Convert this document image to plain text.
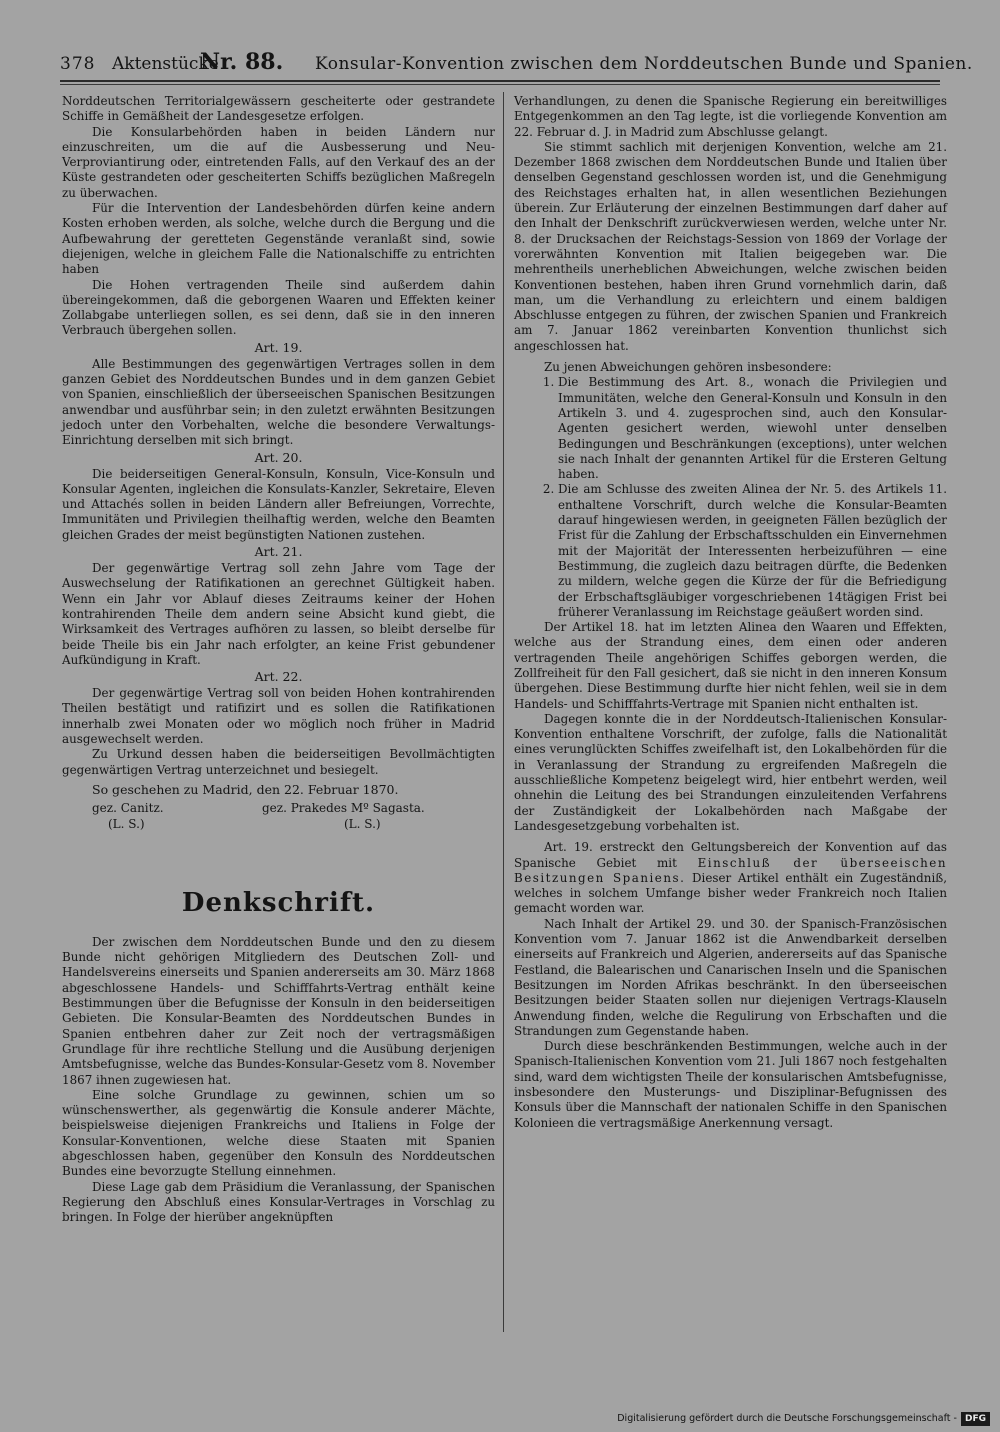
378 Aktenstücke
Nr. 88. Konsular-Konvention zwischen dem Norddeutschen Bunde und Spanien.

Norddeutschen Territorialgewässern gescheiterte oder gestrandete Schiffe in Gemäßheit der Landesgesetze erfolgen.

Die Konsularbehörden haben in beiden Ländern nur einzuschreiten, um die auf die Ausbesserung und Neu-Verproviantirung oder, eintretenden Falls, auf den Verkauf des an der Küste gestrandeten oder gescheiterten Schiffs bezüglichen Maßregeln zu überwachen.

Für die Intervention der Landesbehörden dürfen keine andern Kosten erhoben werden, als solche, welche durch die Bergung und die Aufbewahrung der geretteten Gegenstände veranlaßt sind, sowie diejenigen, welche in gleichem Falle die Nationalschiffe zu entrichten haben

Die Hohen vertragenden Theile sind außerdem dahin übereingekommen, daß die geborgenen Waaren und Effekten keiner Zollabgabe unterliegen sollen, es sei denn, daß sie in den inneren Verbrauch übergehen sollen.

Art. 19.

Alle Bestimmungen des gegenwärtigen Vertrages sollen in dem ganzen Gebiet des Norddeutschen Bundes und in dem ganzen Gebiet von Spanien, einschließlich der überseeischen Spanischen Besitzungen anwendbar und ausführbar sein; in den zuletzt erwähnten Besitzungen jedoch unter den Vorbehalten, welche die besondere Verwaltungs-Einrichtung derselben mit sich bringt.

Art. 20.

Die beiderseitigen General-Konsuln, Konsuln, Vice-Konsuln und Konsular Agenten, ingleichen die Konsulats-Kanzler, Sekretaire, Eleven und Attachés sollen in beiden Ländern aller Befreiungen, Vorrechte, Immunitäten und Privilegien theilhaftig werden, welche den Beamten gleichen Grades der meist begünstigten Nationen zustehen.

Art. 21.

Der gegenwärtige Vertrag soll zehn Jahre vom Tage der Auswechselung der Ratifikationen an gerechnet Gültigkeit haben. Wenn ein Jahr vor Ablauf dieses Zeitraums keiner der Hohen kontrahirenden Theile dem andern seine Absicht kund giebt, die Wirksamkeit des Vertrages aufhören zu lassen, so bleibt derselbe für beide Theile bis ein Jahr nach erfolgter, an keine Frist gebundener Aufkündigung in Kraft.

Art. 22.

Der gegenwärtige Vertrag soll von beiden Hohen kontrahirenden Theilen bestätigt und ratifizirt und es sollen die Ratifikationen innerhalb zwei Monaten oder wo möglich noch früher in Madrid ausgewechselt werden.

Zu Urkund dessen haben die beiderseitigen Bevollmächtigten gegenwärtigen Vertrag unterzeichnet und besiegelt.

So geschehen zu Madrid, den 22. Februar 1870.
gez. Canitz.	gez. Prakedes Mº Sagasta.
(L. S.)	(L. S.)
Denkschrift.

Der zwischen dem Norddeutschen Bunde und den zu diesem Bunde nicht gehörigen Mitgliedern des Deutschen Zoll- und Handelsvereins einerseits und Spanien andererseits am 30. März 1868 abgeschlossene Handels- und Schifffahrts-Vertrag enthält keine Bestimmungen über die Befugnisse der Konsuln in den beiderseitigen Gebieten. Die Konsular-Beamten des Norddeutschen Bundes in Spanien entbehren daher zur Zeit noch der vertragsmäßigen Grundlage für ihre rechtliche Stellung und die Ausübung derjenigen Amtsbefugnisse, welche das Bundes-Konsular-Gesetz vom 8. November 1867 ihnen zugewiesen hat.

Eine solche Grundlage zu gewinnen, schien um so wünschenswerther, als gegenwärtig die Konsule anderer Mächte, beispielsweise diejenigen Frankreichs und Italiens in Folge der Konsular-Konventionen, welche diese Staaten mit Spanien abgeschlossen haben, gegenüber den Konsuln des Norddeutschen Bundes eine bevorzugte Stellung einnehmen.

Diese Lage gab dem Präsidium die Veranlassung, der Spanischen Regierung den Abschluß eines Konsular-Vertrages in Vorschlag zu bringen. In Folge der hierüber angeknüpften

Verhandlungen, zu denen die Spanische Regierung ein bereitwilliges Entgegenkommen an den Tag legte, ist die vorliegende Konvention am 22. Februar d. J. in Madrid zum Abschlusse gelangt.

Sie stimmt sachlich mit derjenigen Konvention, welche am 21. Dezember 1868 zwischen dem Norddeutschen Bunde und Italien über denselben Gegenstand geschlossen worden ist, und die Genehmigung des Reichstages erhalten hat, in allen wesentlichen Beziehungen überein. Zur Erläuterung der einzelnen Bestimmungen darf daher auf den Inhalt der Denkschrift zurückverwiesen werden, welche unter Nr. 8. der Drucksachen der Reichstags-Session von 1869 der Vorlage der vorerwähnten Konvention mit Italien beigegeben war. Die mehrentheils unerheblichen Abweichungen, welche zwischen beiden Konventionen bestehen, haben ihren Grund vornehmlich darin, daß man, um die Verhandlung zu erleichtern und einem baldigen Abschlusse entgegen zu führen, der zwischen Spanien und Frankreich am 7. Januar 1862 vereinbarten Konvention thunlichst sich angeschlossen hat.

Zu jenen Abweichungen gehören insbesondere:

1. Die Bestimmung des Art. 8., wonach die Privilegien und Immunitäten, welche den General-Konsuln und Konsuln in den Artikeln 3. und 4. zugesprochen sind, auch den Konsular-Agenten gesichert werden, wiewohl unter denselben Bedingungen und Beschränkungen (exceptions), unter welchen sie nach Inhalt der genannten Artikel für die Ersteren Geltung haben.
2. Die am Schlusse des zweiten Alinea der Nr. 5. des Artikels 11. enthaltene Vorschrift, durch welche die Konsular-Beamten darauf hingewiesen werden, in geeigneten Fällen bezüglich der Frist für die Zahlung der Erbschaftsschulden ein Einvernehmen mit der Majorität der Interessenten herbeizuführen — eine Bestimmung, die zugleich dazu beitragen dürfte, die Bedenken zu mildern, welche gegen die Kürze der für die Befriedigung der Erbschaftsgläubiger vorgeschriebenen 14tägigen Frist bei früherer Veranlassung im Reichstage geäußert worden sind.

Der Artikel 18. hat im letzten Alinea den Waaren und Effekten, welche aus der Strandung eines, dem einen oder anderen vertragenden Theile angehörigen Schiffes geborgen werden, die Zollfreiheit für den Fall gesichert, daß sie nicht in den inneren Konsum übergehen. Diese Bestimmung durfte hier nicht fehlen, weil sie in dem Handels- und Schifffahrts-Vertrage mit Spanien nicht enthalten ist.

Dagegen konnte die in der Norddeutsch-Italienischen Konsular-Konvention enthaltene Vorschrift, der zufolge, falls die Nationalität eines verunglückten Schiffes zweifelhaft ist, den Lokalbehörden für die in Veranlassung der Strandung zu ergreifenden Maßregeln die ausschließliche Kompetenz beigelegt wird, hier entbehrt werden, weil ohnehin die Leitung des bei Strandungen einzuleitenden Verfahrens der Zuständigkeit der Lokalbehörden nach Maßgabe der Landesgesetzgebung vorbehalten ist.

Art. 19. erstreckt den Geltungsbereich der Konvention auf das Spanische Gebiet mit Einschluß der überseeischen Besitzungen Spaniens. Dieser Artikel enthält ein Zugeständniß, welches in solchem Umfange bisher weder Frankreich noch Italien gemacht worden war.

Nach Inhalt der Artikel 29. und 30. der Spanisch-Französischen Konvention vom 7. Januar 1862 ist die Anwendbarkeit derselben einerseits auf Frankreich und Algerien, andererseits auf das Spanische Festland, die Balearischen und Canarischen Inseln und die Spanischen Besitzungen im Norden Afrikas beschränkt. In den überseeischen Besitzungen beider Staaten sollen nur diejenigen Vertrags-Klauseln Anwendung finden, welche die Regulirung von Erbschaften und die Strandungen zum Gegenstande haben.

Durch diese beschränkenden Bestimmungen, welche auch in der Spanisch-Italienischen Konvention vom 21. Juli 1867 noch festgehalten sind, ward dem wichtigsten Theile der konsularischen Amtsbefugnisse, insbesondere den Musterungs- und Disziplinar-Befugnissen des Konsuls über die Mannschaft der nationalen Schiffe in den Spanischen Kolonieen die vertragsmäßige Anerkennung versagt.

Digitalisierung gefördert durch die Deutsche Forschungsgemeinschaft - DFG
